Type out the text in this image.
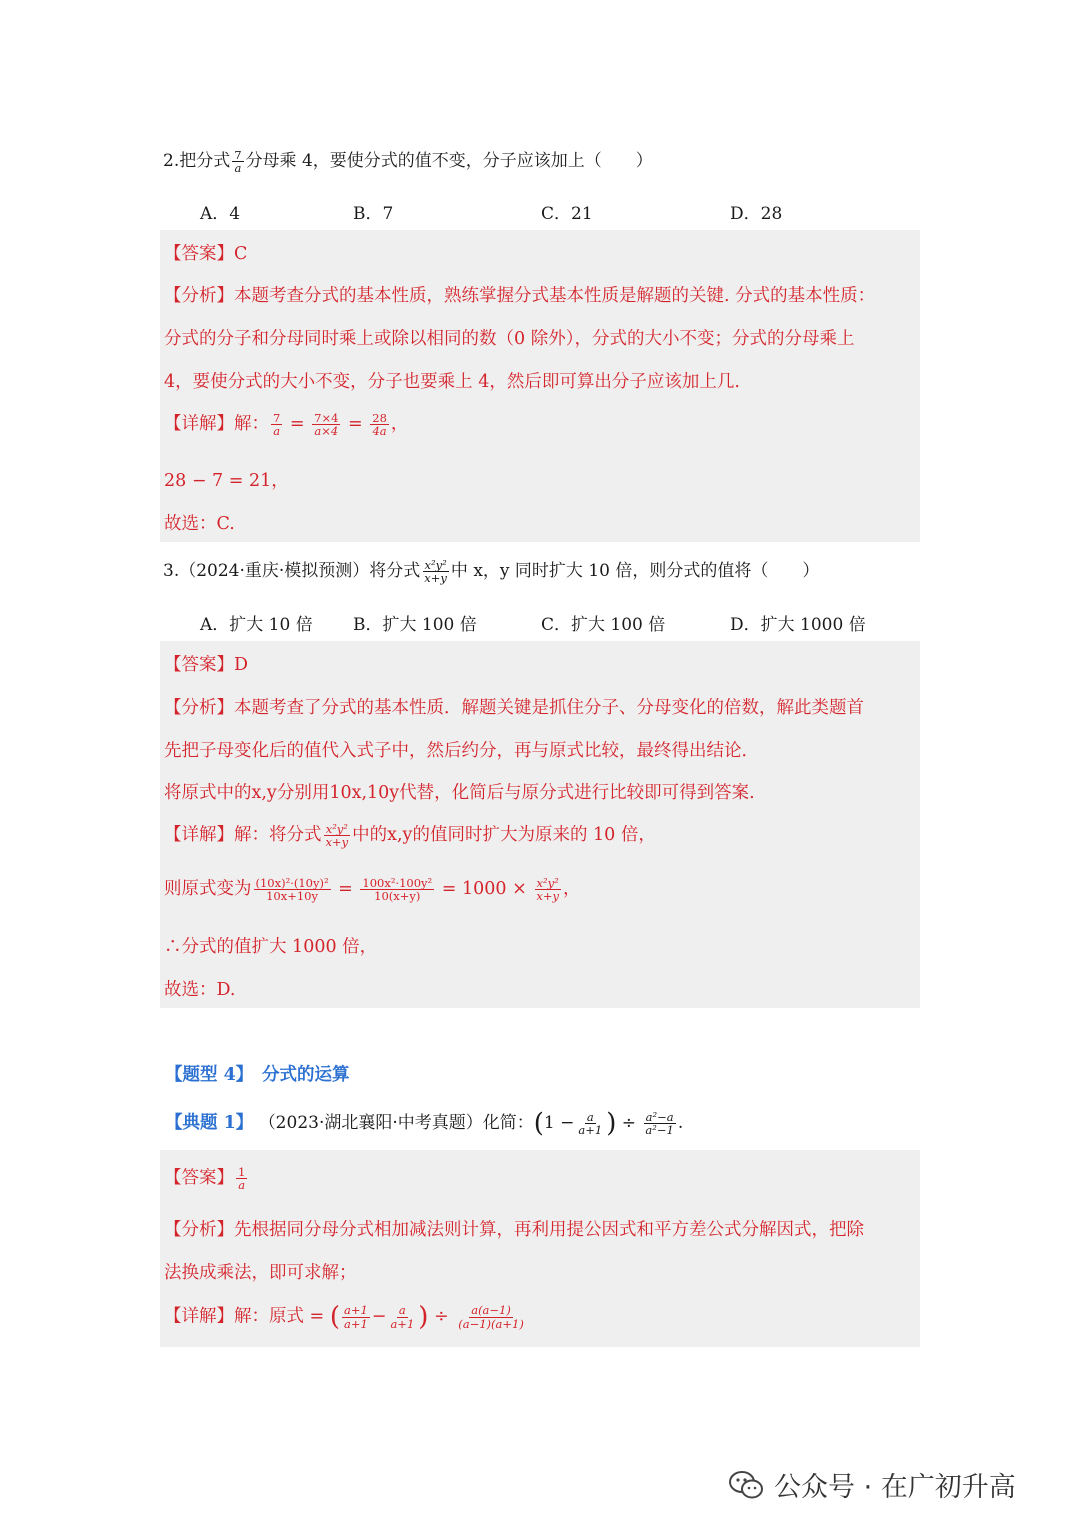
2.把分式 $\frac{7}{a}$ 分母乘 4，要使分式的值不变，分子应该加上（　　）
A．4	B．7	C．21	D．28
【答案】C
【分析】本题考查分式的基本性质，熟练掌握分式基本性质是解题的关键. 分式的基本性质：
分式的分子和分母同时乘上或除以相同的数（0 除外），分式的大小不变；分式的分母乘上
4，要使分式的大小不变，分子也要乘上 4，然后即可算出分子应该加上几.
【详解】解： $\frac{7}{a} = \frac{7\times 4}{a\times 4} = \frac{28}{4a}$ ，
28 − 7 = 21，
故选：C.
3.（2024·重庆·模拟预测）将分式 $\frac{\text{x²y²}}{x+y}$ 中 x，y 同时扩大 10 倍，则分式的值将（　　）
A．扩大 10 倍 B．扩大 100 倍	C．扩大 100 倍	D．扩大 1000 倍
【答案】D
【分析】本题考查了分式的基本性质．解题关键是抓住分子、分母变化的倍数，解此类题首
先把子母变化后的值代入式子中，然后约分，再与原式比较，最终得出结论．
将原式中的x,y分别用10x,10y代替，化简后与原分式进行比较即可得到答案.
【详解】解：将分式 $\frac{\text{x²y²}}{x+y}$ 中的x,y的值同时扩大为原来的 10 倍，
则原式变为 $\frac{\text{(10x)²·(10y)²}}{10x+10y} = \frac{\text{100x²·100y²}}{10(x+y)} = 1000 \times \frac{\text{x²y²}}{x+y}$ ，
∴分式的值扩大 1000 倍，
故选：D.
【题型 4】　分式的运算
【典题 1】 （2023·湖北襄阳·中考真题）化简：($1 - \frac{a}{a+1}$ ) ÷ $\frac{\text{a²−a}}{\text{a²−1}}$ .
【答案】 $\frac{1}{a}$
【分析】先根据同分母分式相加减法则计算，再利用提公因式和平方差公式分解因式，把除
法换成乘法，即可求解；
【详解】解：原式 = ( $\frac{a+1}{a+1} - \frac{a}{a+1}$ ) ÷ $\frac{a(a-1)}{(a-1)(a+1)}$
公众号 · 在广初升高
